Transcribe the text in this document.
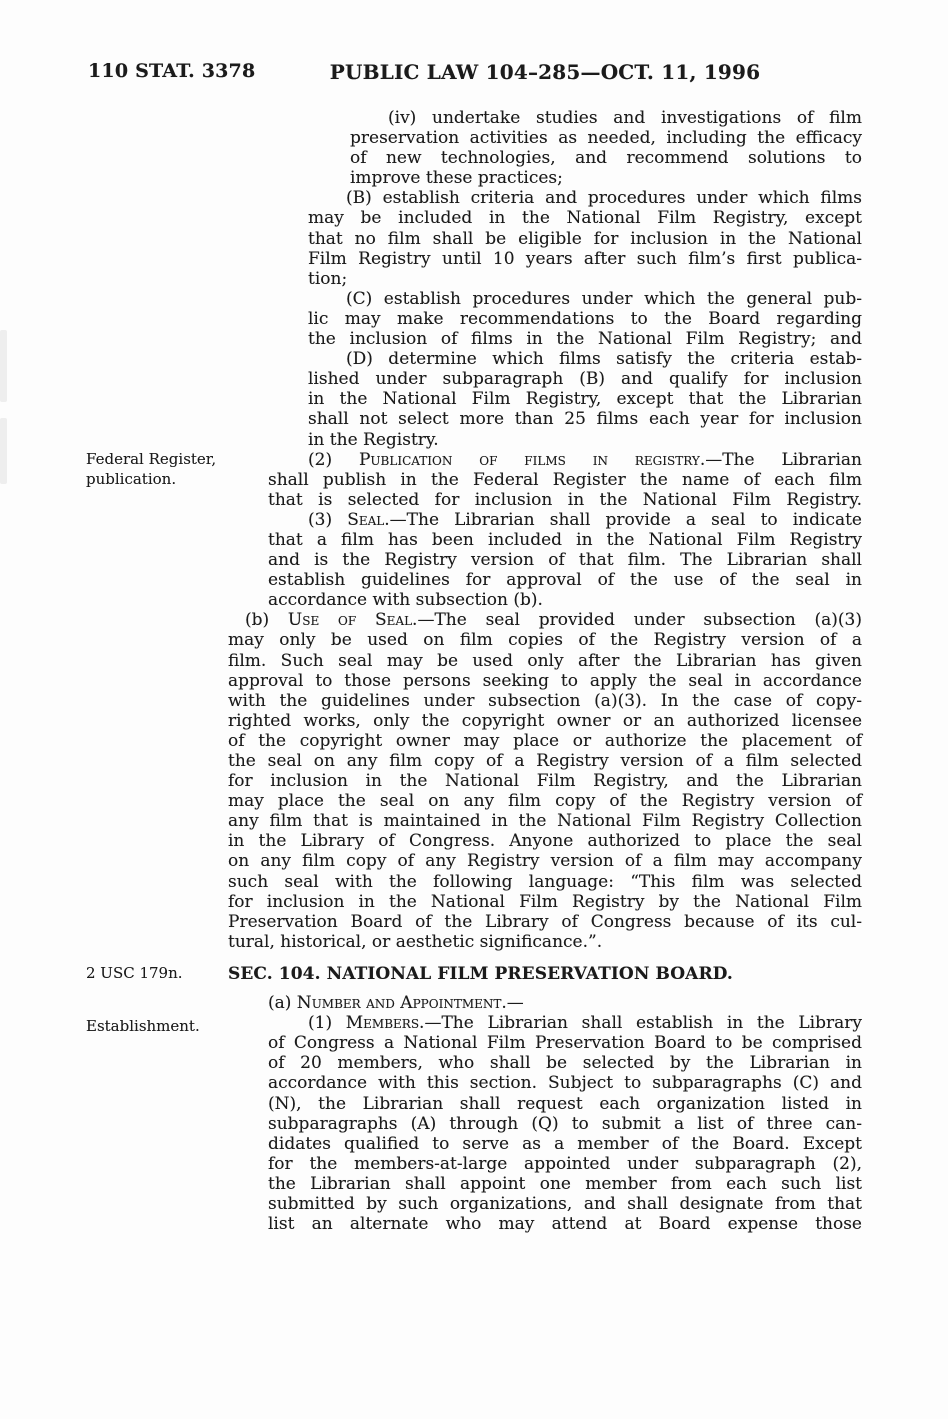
110 STAT. 3378	PUBLIC LAW 104–285—OCT. 11, 1996
Federal Register,
publication.
2 USC 179n.
Establishment.
(iv) undertake studies and investigations of film
preservation activities as needed, including the efficacy
of new technologies, and recommend solutions to
improve these practices;
(B) establish criteria and procedures under which films
may be included in the National Film Registry, except
that no film shall be eligible for inclusion in the National
Film Registry until 10 years after such film’s first publica-
tion;
(C) establish procedures under which the general pub-
lic may make recommendations to the Board regarding
the inclusion of films in the National Film Registry; and
(D) determine which films satisfy the criteria estab-
lished under subparagraph (B) and qualify for inclusion
in the National Film Registry, except that the Librarian
shall not select more than 25 films each year for inclusion
in the Registry.
(2) Publication of films in registry.—The Librarian
shall publish in the Federal Register the name of each film
that is selected for inclusion in the National Film Registry.
(3) Seal.—The Librarian shall provide a seal to indicate
that a film has been included in the National Film Registry
and is the Registry version of that film. The Librarian shall
establish guidelines for approval of the use of the seal in
accordance with subsection (b).
(b) Use of Seal.—The seal provided under subsection (a)(3)
may only be used on film copies of the Registry version of a
film. Such seal may be used only after the Librarian has given
approval to those persons seeking to apply the seal in accordance
with the guidelines under subsection (a)(3). In the case of copy-
righted works, only the copyright owner or an authorized licensee
of the copyright owner may place or authorize the placement of
the seal on any film copy of a Registry version of a film selected
for inclusion in the National Film Registry, and the Librarian
may place the seal on any film copy of the Registry version of
any film that is maintained in the National Film Registry Collection
in the Library of Congress. Anyone authorized to place the seal
on any film copy of any Registry version of a film may accompany
such seal with the following language: “This film was selected
for inclusion in the National Film Registry by the National Film
Preservation Board of the Library of Congress because of its cul-
tural, historical, or aesthetic significance.”.
SEC. 104. NATIONAL FILM PRESERVATION BOARD.
(a) Number and Appointment.—
(1) Members.—The Librarian shall establish in the Library
of Congress a National Film Preservation Board to be comprised
of 20 members, who shall be selected by the Librarian in
accordance with this section. Subject to subparagraphs (C) and
(N), the Librarian shall request each organization listed in
subparagraphs (A) through (Q) to submit a list of three can-
didates qualified to serve as a member of the Board. Except
for the members-at-large appointed under subparagraph (2),
the Librarian shall appoint one member from each such list
submitted by such organizations, and shall designate from that
list an alternate who may attend at Board expense those
